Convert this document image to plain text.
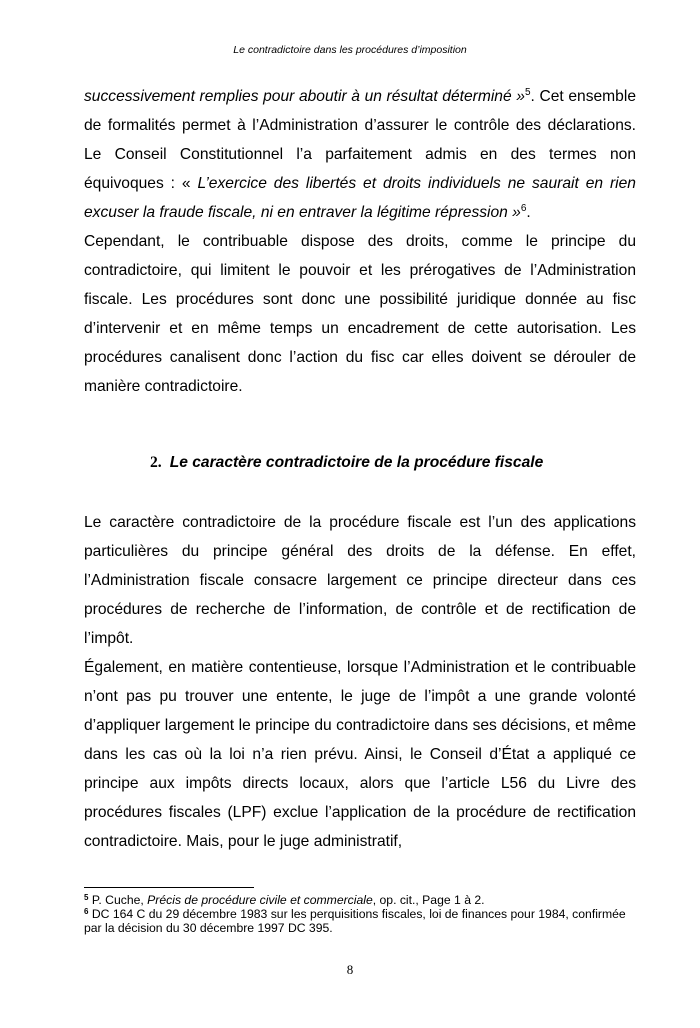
Le contradictoire dans les procédures d’imposition

successivement remplies pour aboutir à un résultat déterminé »$^5$. Cet ensemble de formalités permet à l’Administration d’assurer le contrôle des déclarations. Le Conseil Constitutionnel l’a parfaitement admis en des termes non équivoques : « L’exercice des libertés et droits individuels ne saurait en rien excuser la fraude fiscale, ni en entraver la légitime répression »$^6$.

Cependant, le contribuable dispose des droits, comme le principe du contradictoire, qui limitent le pouvoir et les prérogatives de l’Administration fiscale. Les procédures sont donc une possibilité juridique donnée au fisc d’intervenir et en même temps un encadrement de cette autorisation. Les procédures canalisent donc l’action du fisc car elles doivent se dérouler de manière contradictoire.

2. Le caractère contradictoire de la procédure fiscale

Le caractère contradictoire de la procédure fiscale est l’un des applications particulières du principe général des droits de la défense. En effet, l’Administration fiscale consacre largement ce principe directeur dans ces procédures de recherche de l’information, de contrôle et de rectification de l’impôt.

Également, en matière contentieuse, lorsque l’Administration et le contribuable n’ont pas pu trouver une entente, le juge de l’impôt a une grande volonté d’appliquer largement le principe du contradictoire dans ses décisions, et même dans les cas où la loi n’a rien prévu. Ainsi, le Conseil d’État a appliqué ce principe aux impôts directs locaux, alors que l’article L56 du Livre des procédures fiscales (LPF) exclue l’application de la procédure de rectification contradictoire. Mais, pour le juge administratif,

$^5$ P. Cuche, Précis de procédure civile et commerciale, op. cit., Page 1 à 2.

$^6$ DC 164 C du 29 décembre 1983 sur les perquisitions fiscales, loi de finances pour 1984, confirmée par la décision du 30 décembre 1997 DC 395.

8
